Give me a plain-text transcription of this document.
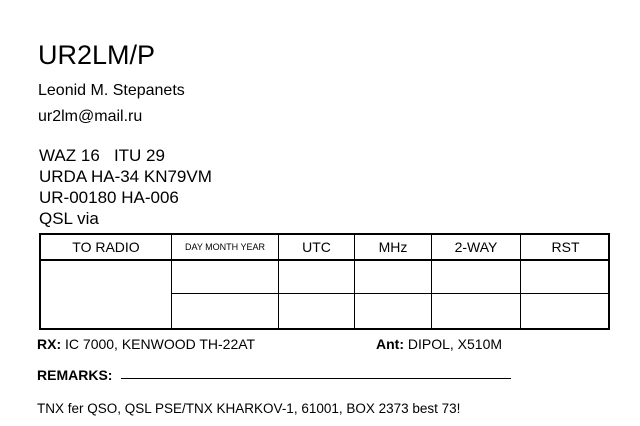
UR2LM/P
Leonid M. Stepanets
ur2lm@mail.ru
WAZ 16   ITU 29
URDA HA-34 KN79VM
UR-00180 HA-006
QSL via
TO RADIO	DAY MONTH YEAR	UTC	MHz	2-WAY	RST
RX: IC 7000, KENWOOD TH-22AT	Ant: DIPOL, X510M
REMARKS:
TNX fer QSO, QSL PSE/TNX KHARKOV-1, 61001, BOX 2373 best 73!
